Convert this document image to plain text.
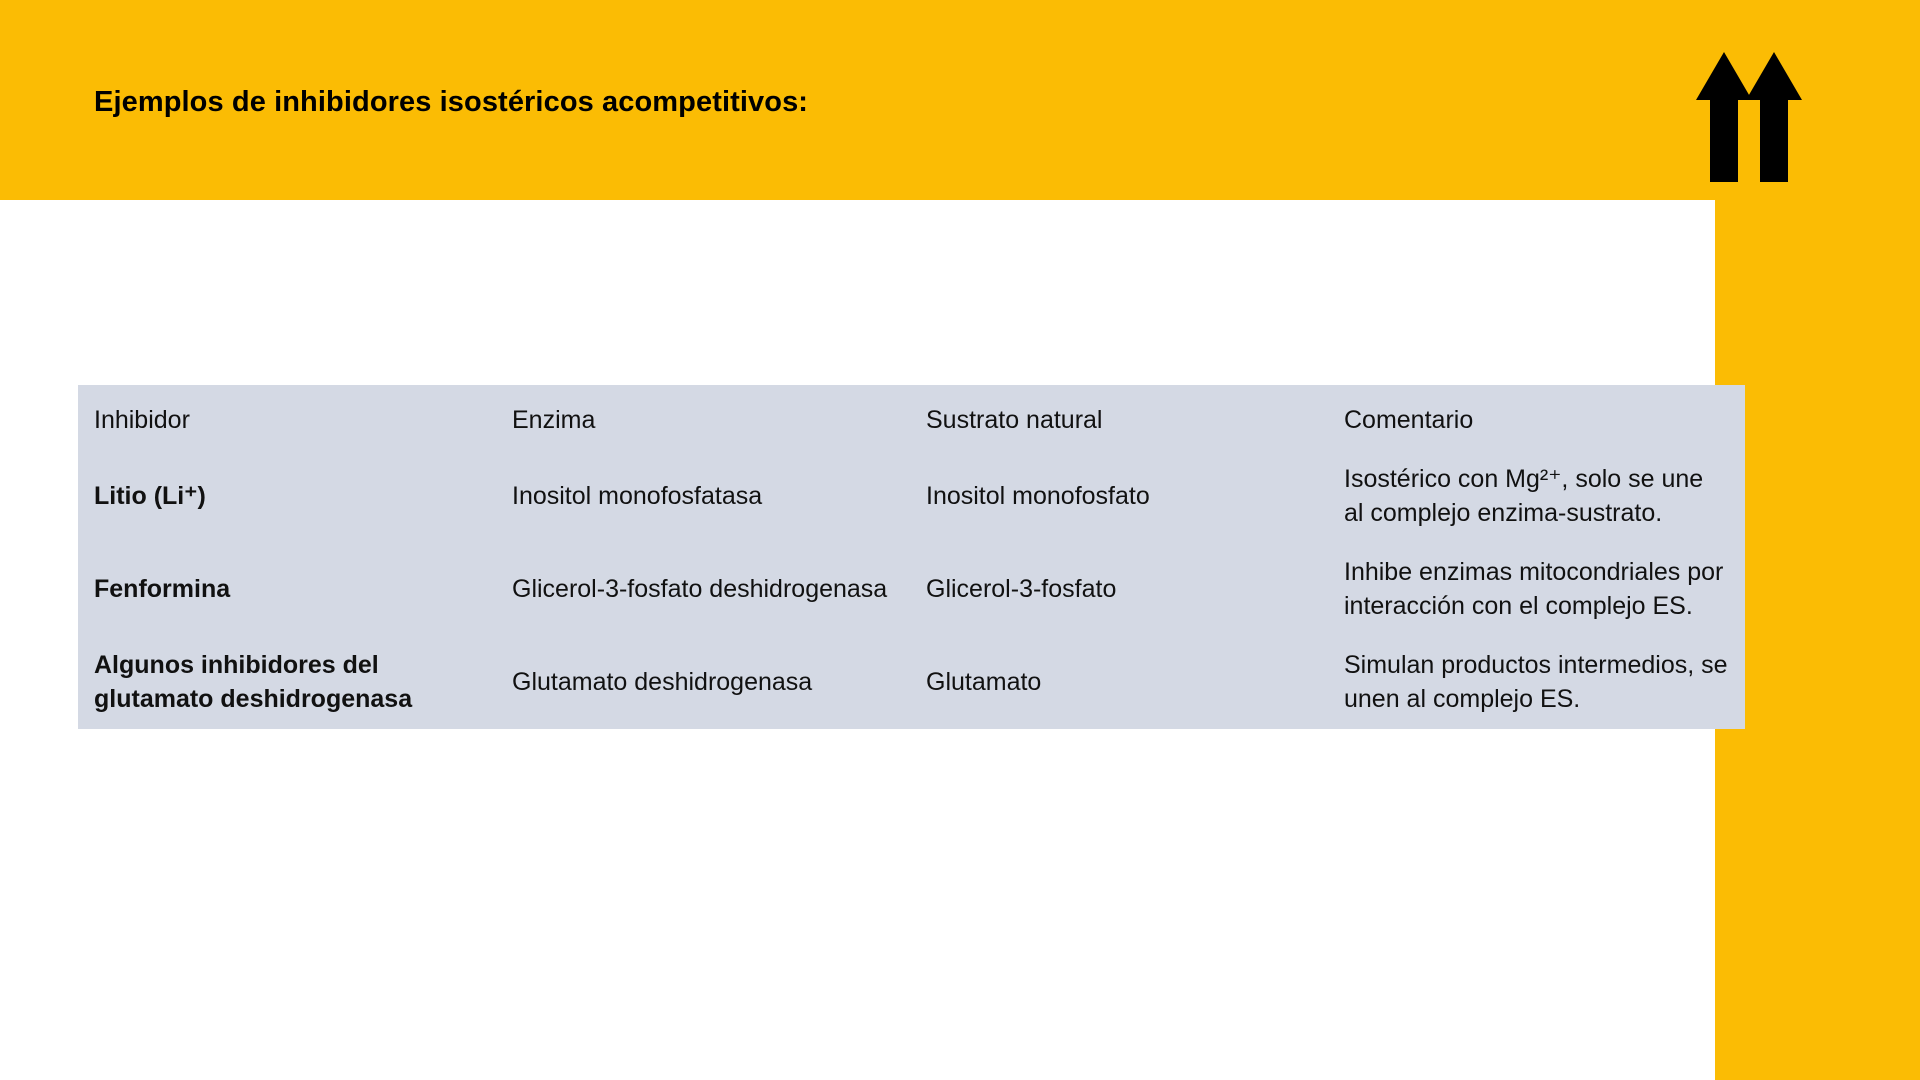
Ejemplos de inhibidores isostéricos acompetitivos:
Inhibidor	Enzima	Sustrato natural	Comentario
Litio (Li⁺)	Inositol monofosfatasa	Inositol monofosfato	Isostérico con Mg²⁺, solo se une al complejo enzima-sustrato.
Fenformina	Glicerol-3-fosfato deshidrogenasa	Glicerol-3-fosfato	Inhibe enzimas mitocondriales por interacción con el complejo ES.
Algunos inhibidores del glutamato deshidrogenasa	Glutamato deshidrogenasa	Glutamato	Simulan productos intermedios, se unen al complejo ES.
